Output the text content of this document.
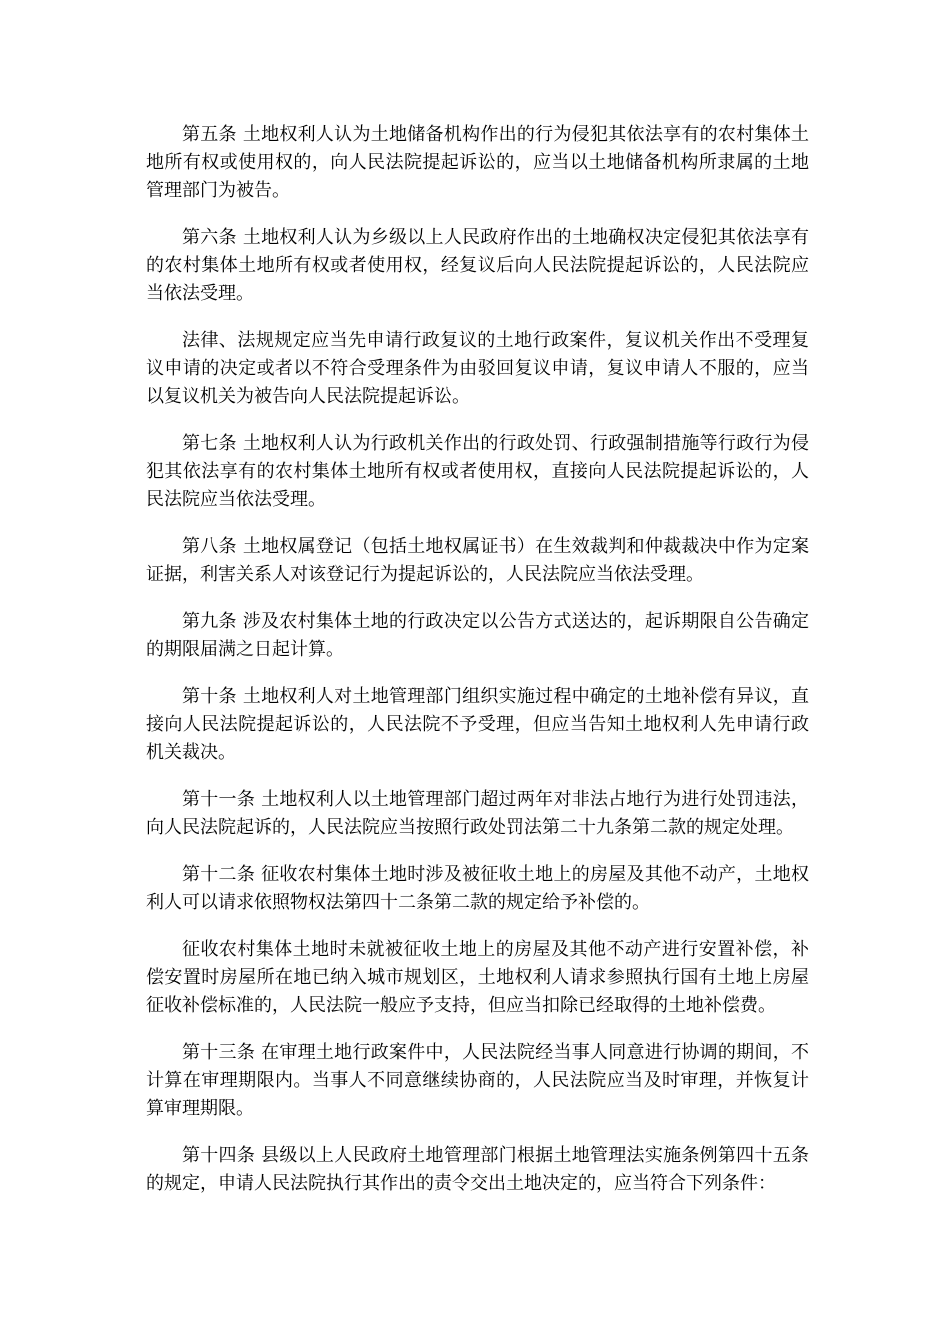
第五条 土地权利人认为土地储备机构作出的行为侵犯其依法享有的农村集体土地所有权或使用权的，向人民法院提起诉讼的，应当以土地储备机构所隶属的土地管理部门为被告。

第六条 土地权利人认为乡级以上人民政府作出的土地确权决定侵犯其依法享有的农村集体土地所有权或者使用权，经复议后向人民法院提起诉讼的，人民法院应当依法受理。

法律、法规规定应当先申请行政复议的土地行政案件，复议机关作出不受理复议申请的决定或者以不符合受理条件为由驳回复议申请，复议申请人不服的，应当以复议机关为被告向人民法院提起诉讼。

第七条 土地权利人认为行政机关作出的行政处罚、行政强制措施等行政行为侵犯其依法享有的农村集体土地所有权或者使用权，直接向人民法院提起诉讼的，人民法院应当依法受理。

第八条 土地权属登记（包括土地权属证书）在生效裁判和仲裁裁决中作为定案证据，利害关系人对该登记行为提起诉讼的，人民法院应当依法受理。

第九条 涉及农村集体土地的行政决定以公告方式送达的，起诉期限自公告确定的期限届满之日起计算。

第十条 土地权利人对土地管理部门组织实施过程中确定的土地补偿有异议，直接向人民法院提起诉讼的，人民法院不予受理，但应当告知土地权利人先申请行政机关裁决。

第十一条 土地权利人以土地管理部门超过两年对非法占地行为进行处罚违法，向人民法院起诉的，人民法院应当按照行政处罚法第二十九条第二款的规定处理。

第十二条 征收农村集体土地时涉及被征收土地上的房屋及其他不动产，土地权利人可以请求依照物权法第四十二条第二款的规定给予补偿的。

征收农村集体土地时未就被征收土地上的房屋及其他不动产进行安置补偿，补偿安置时房屋所在地已纳入城市规划区，土地权利人请求参照执行国有土地上房屋征收补偿标准的，人民法院一般应予支持，但应当扣除已经取得的土地补偿费。

第十三条 在审理土地行政案件中，人民法院经当事人同意进行协调的期间，不计算在审理期限内。当事人不同意继续协商的，人民法院应当及时审理，并恢复计算审理期限。

第十四条 县级以上人民政府土地管理部门根据土地管理法实施条例第四十五条的规定，申请人民法院执行其作出的责令交出土地决定的，应当符合下列条件：
